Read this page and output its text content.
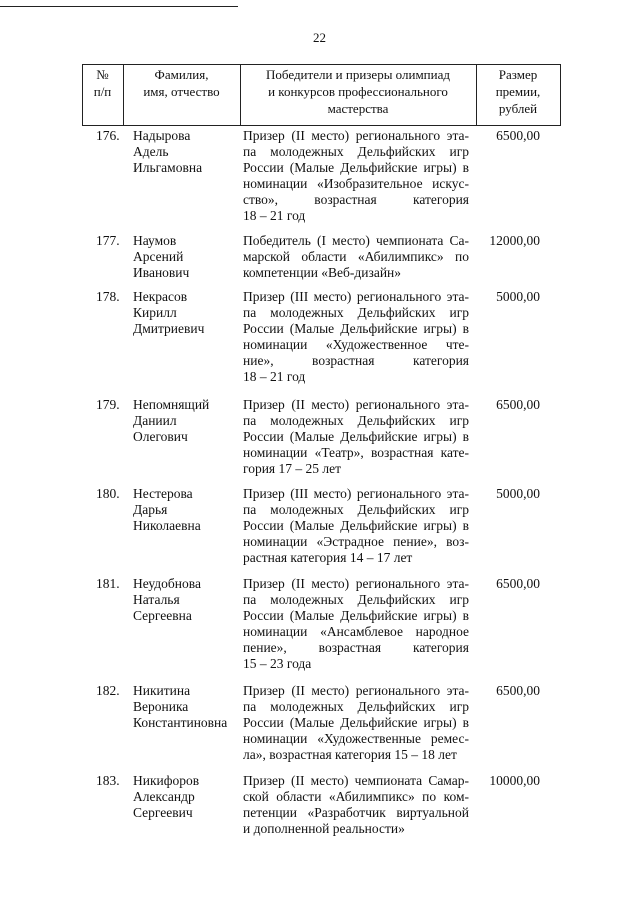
22
№
п/п
Фамилия,
имя, отчество
Победители и призеры олимпиад
и конкурсов профессионального
мастерства
Размер
премии,
рублей
176. Надырова
Адель
Ильгамовна
Призер (II место) регионального эта-
па молодежных Дельфийских игр
России (Малые Дельфийские игры) в
номинации «Изобразительное искус-
ство», возрастная категория
18 – 21 год
6500,00
177. Наумов
Арсений
Иванович
Победитель (I место) чемпионата Са-
марской области «Абилимпикс» по
компетенции «Веб-дизайн»
12000,00
178. Некрасов
Кирилл
Дмитриевич
Призер (III место) регионального эта-
па молодежных Дельфийских игр
России (Малые Дельфийские игры) в
номинации «Художественное чте-
ние», возрастная категория
18 – 21 год
5000,00
179. Непомнящий
Даниил
Олегович
Призер (II место) регионального эта-
па молодежных Дельфийских игр
России (Малые Дельфийские игры) в
номинации «Театр», возрастная кате-
гория 17 – 25 лет
6500,00
180. Нестерова
Дарья
Николаевна
Призер (III место) регионального эта-
па молодежных Дельфийских игр
России (Малые Дельфийские игры) в
номинации «Эстрадное пение», воз-
растная категория 14 – 17 лет
5000,00
181. Неудобнова
Наталья
Сергеевна
Призер (II место) регионального эта-
па молодежных Дельфийских игр
России (Малые Дельфийские игры) в
номинации «Ансамблевое народное
пение», возрастная категория
15 – 23 года
6500,00
182. Никитина
Вероника
Константиновна
Призер (II место) регионального эта-
па молодежных Дельфийских игр
России (Малые Дельфийские игры) в
номинации «Художественные ремес-
ла», возрастная категория 15 – 18 лет
6500,00
183. Никифоров
Александр
Сергеевич
Призер (II место) чемпионата Самар-
ской области «Абилимпикс» по ком-
петенции «Разработчик виртуальной
и дополненной реальности»
10000,00
